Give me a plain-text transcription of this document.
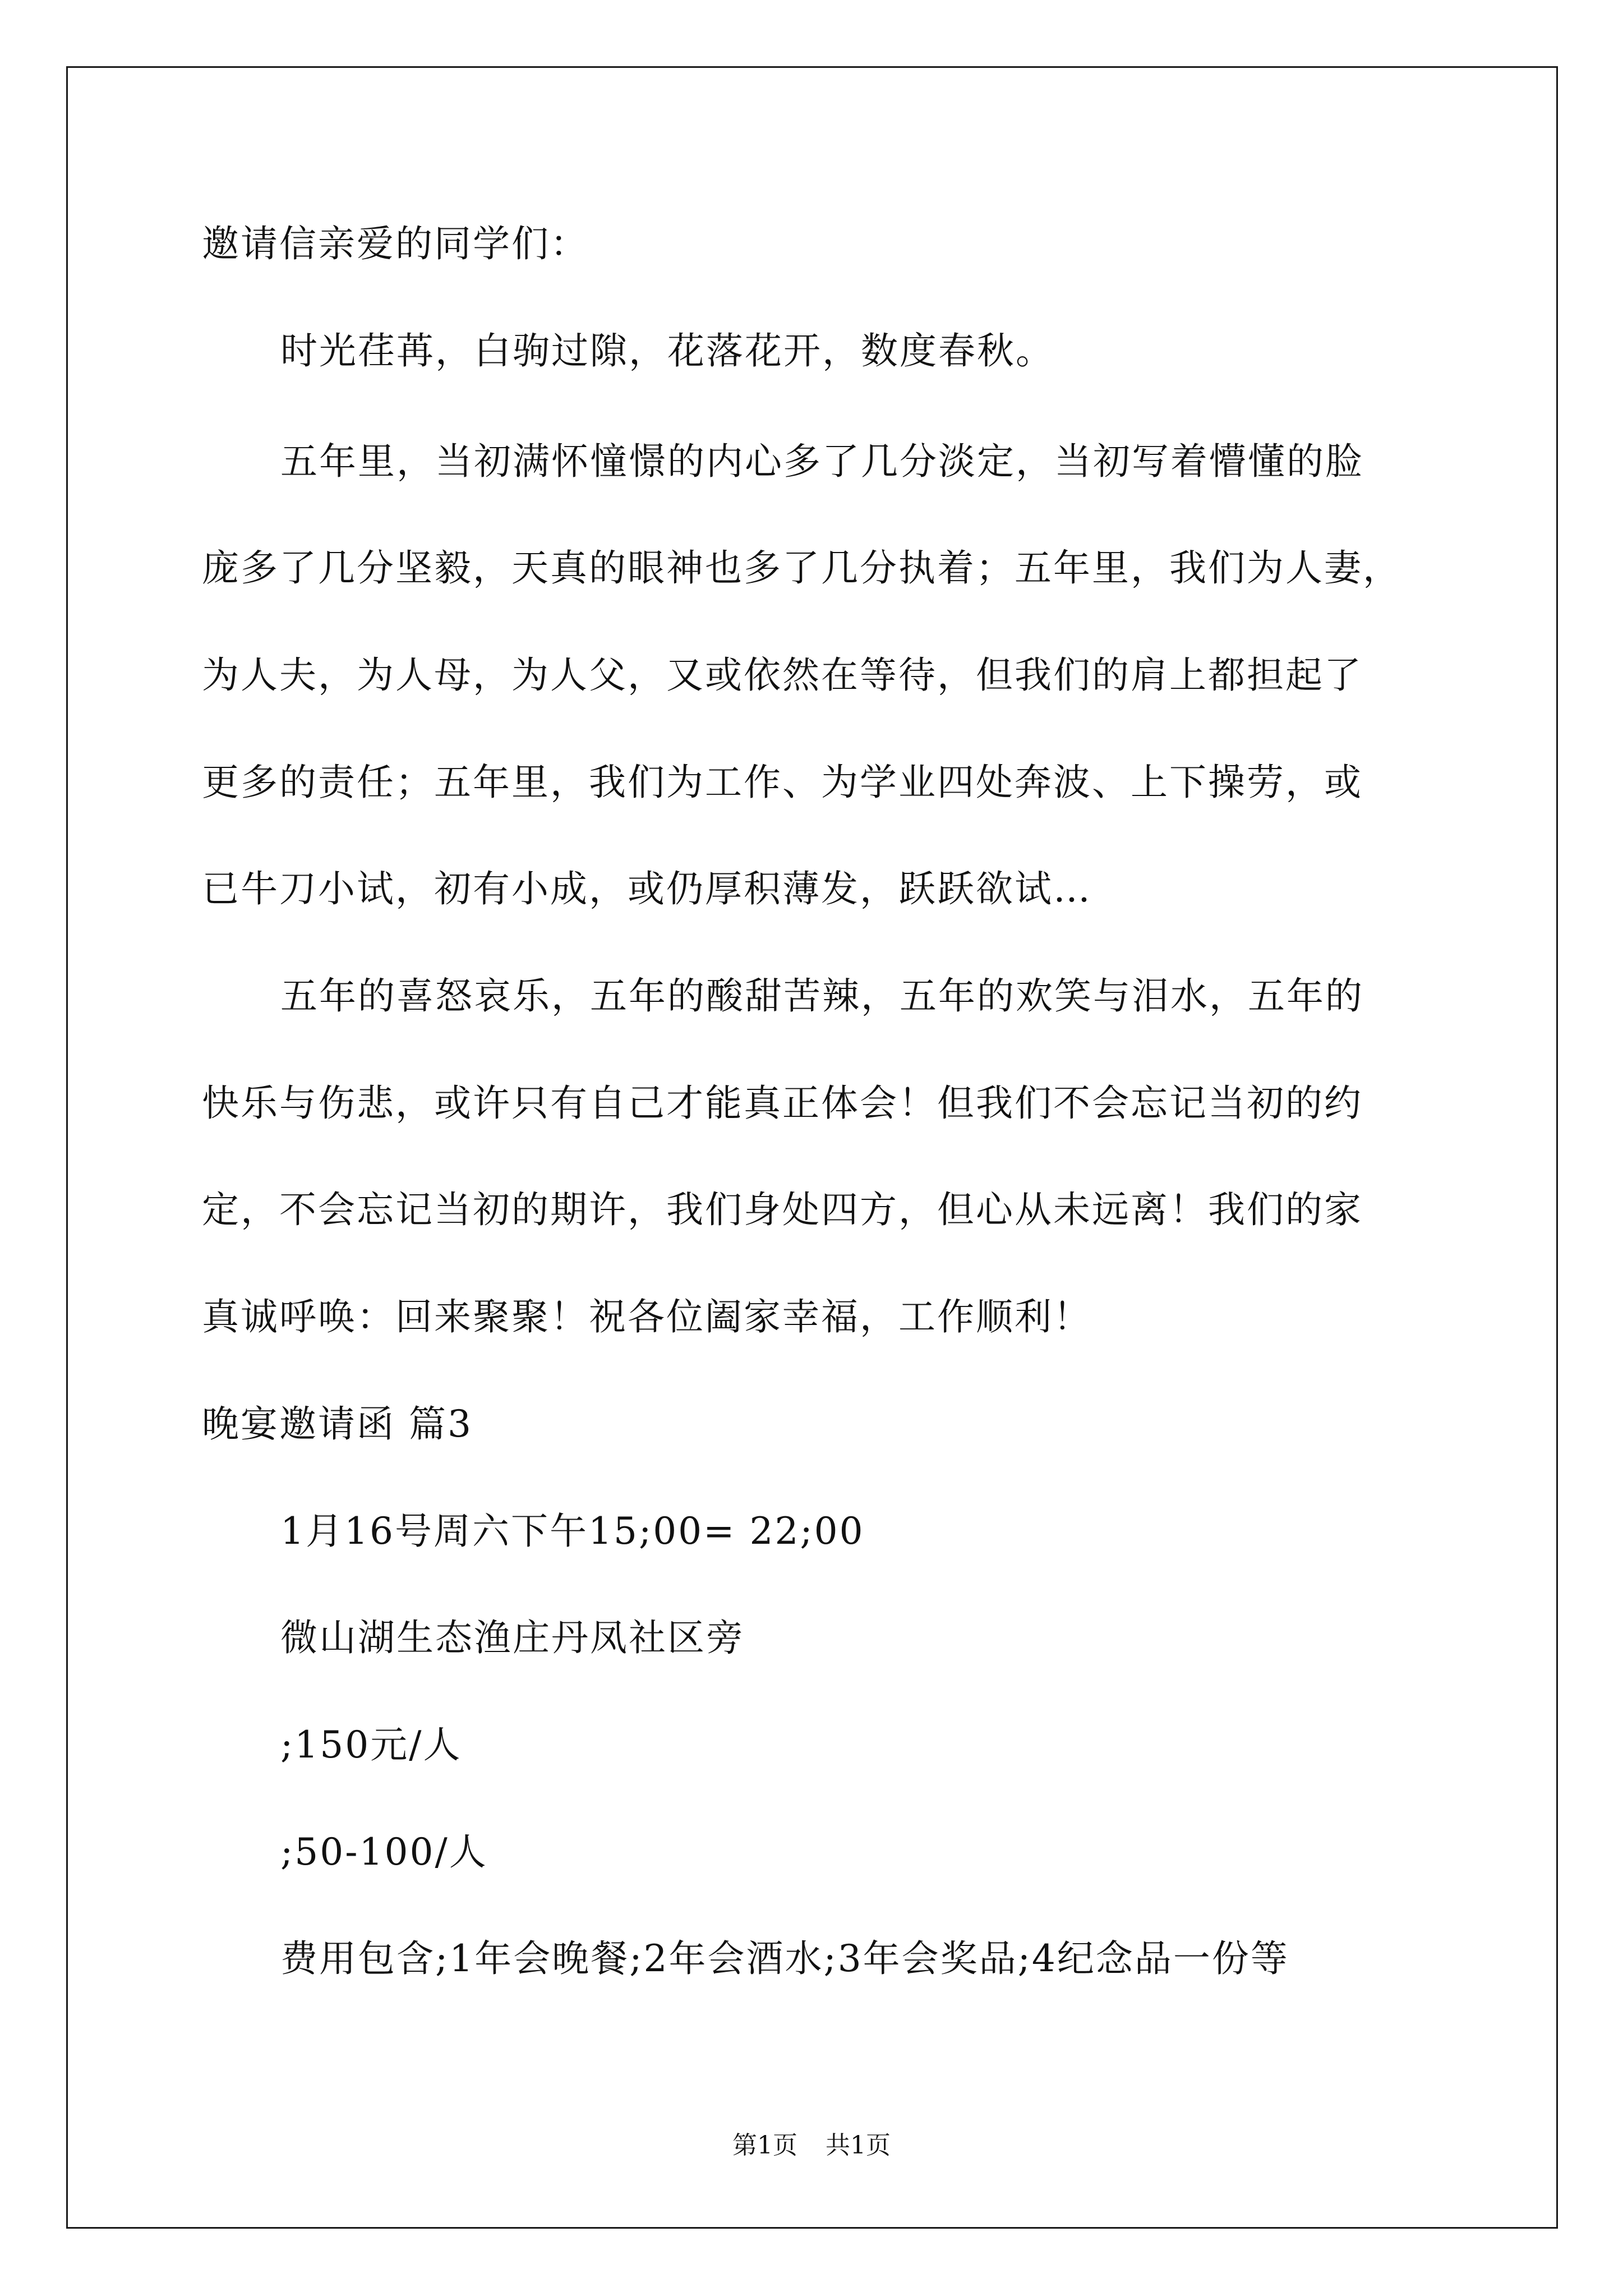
邀请信亲爱的同学们：

时光荏苒，白驹过隙，花落花开，数度春秋。

五年里，当初满怀憧憬的内心多了几分淡定，当初写着懵懂的脸

庞多了几分坚毅，天真的眼神也多了几分执着；五年里，我们为人妻，

为人夫，为人母，为人父，又或依然在等待，但我们的肩上都担起了

更多的责任；五年里，我们为工作、为学业四处奔波、上下操劳，或

已牛刀小试，初有小成，或仍厚积薄发，跃跃欲试…

五年的喜怒哀乐，五年的酸甜苦辣，五年的欢笑与泪水，五年的

快乐与伤悲，或许只有自己才能真正体会！但我们不会忘记当初的约

定，不会忘记当初的期许，我们身处四方，但心从未远离！我们的家

真诚呼唤：回来聚聚！祝各位阖家幸福，工作顺利！

晚宴邀请函 篇3

1月16号周六下午15;00= 22;00

微山湖生态渔庄丹凤社区旁

;150元/人

;50-100/人

费用包含;1年会晚餐;2年会酒水;3年会奖品;4纪念品一份等

第1页 共1页
